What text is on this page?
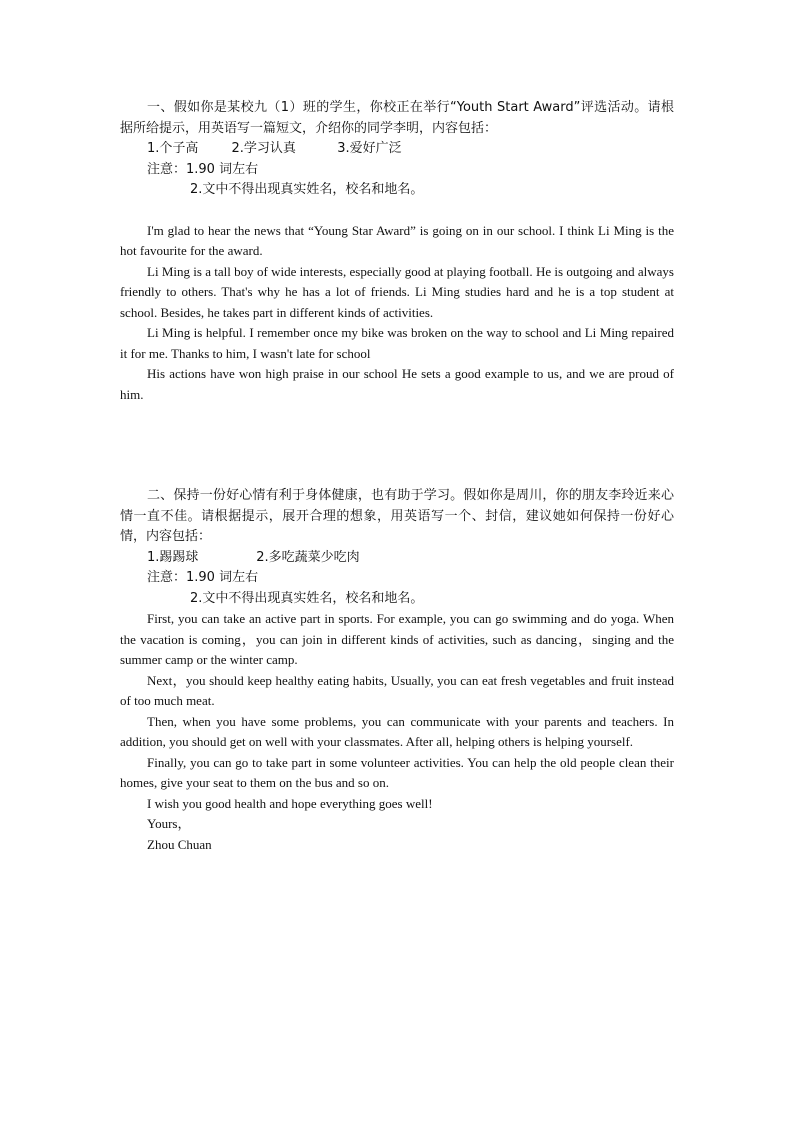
一、假如你是某校九（1）班的学生，你校正在举行“Youth Start Award”评选活动。请根据所给提示，用英语写一篇短文，介绍你的同学李明，内容包括：

1.个子高        2.学习认真          3.爱好广泛

注意：1.90 词左右

2.文中不得出现真实姓名，校名和地名。

I'm glad to hear the news that “Young Star Award” is going on in our school. I think Li Ming is the hot favourite for the award.

Li Ming is a tall boy of wide interests, especially good at playing football. He is outgoing and always friendly to others. That's why he has a lot of friends. Li Ming studies hard and he is a top student at school. Besides, he takes part in different kinds of activities.

Li Ming is helpful. I remember once my bike was broken on the way to school and Li Ming repaired it for me. Thanks to him, I wasn't late for school

His actions have won high praise in our school He sets a good example to us, and we are proud of him.

二、保持一份好心情有利于身体健康，也有助于学习。假如你是周川，你的朋友李玲近来心情一直不佳。请根据提示，展开合理的想象，用英语写一个、封信，建议她如何保持一份好心情，内容包括：

1.踢踢球              2.多吃蔬菜少吃肉

注意：1.90 词左右

2.文中不得出现真实姓名，校名和地名。

First, you can take an active part in sports. For example, you can go swimming and do yoga. When the vacation is coming，you can join in different kinds of activities, such as dancing，singing and the summer camp or the winter camp.

Next，you should keep healthy eating habits, Usually, you can eat fresh vegetables and fruit instead of too much meat.

Then, when you have some problems, you can communicate with your parents and teachers. In addition, you should get on well with your classmates. After all, helping others is helping yourself.

Finally, you can go to take part in some volunteer activities. You can help the old people clean their homes, give your seat to them on the bus and so on.

I wish you good health and hope everything goes well!

Yours，

Zhou Chuan
